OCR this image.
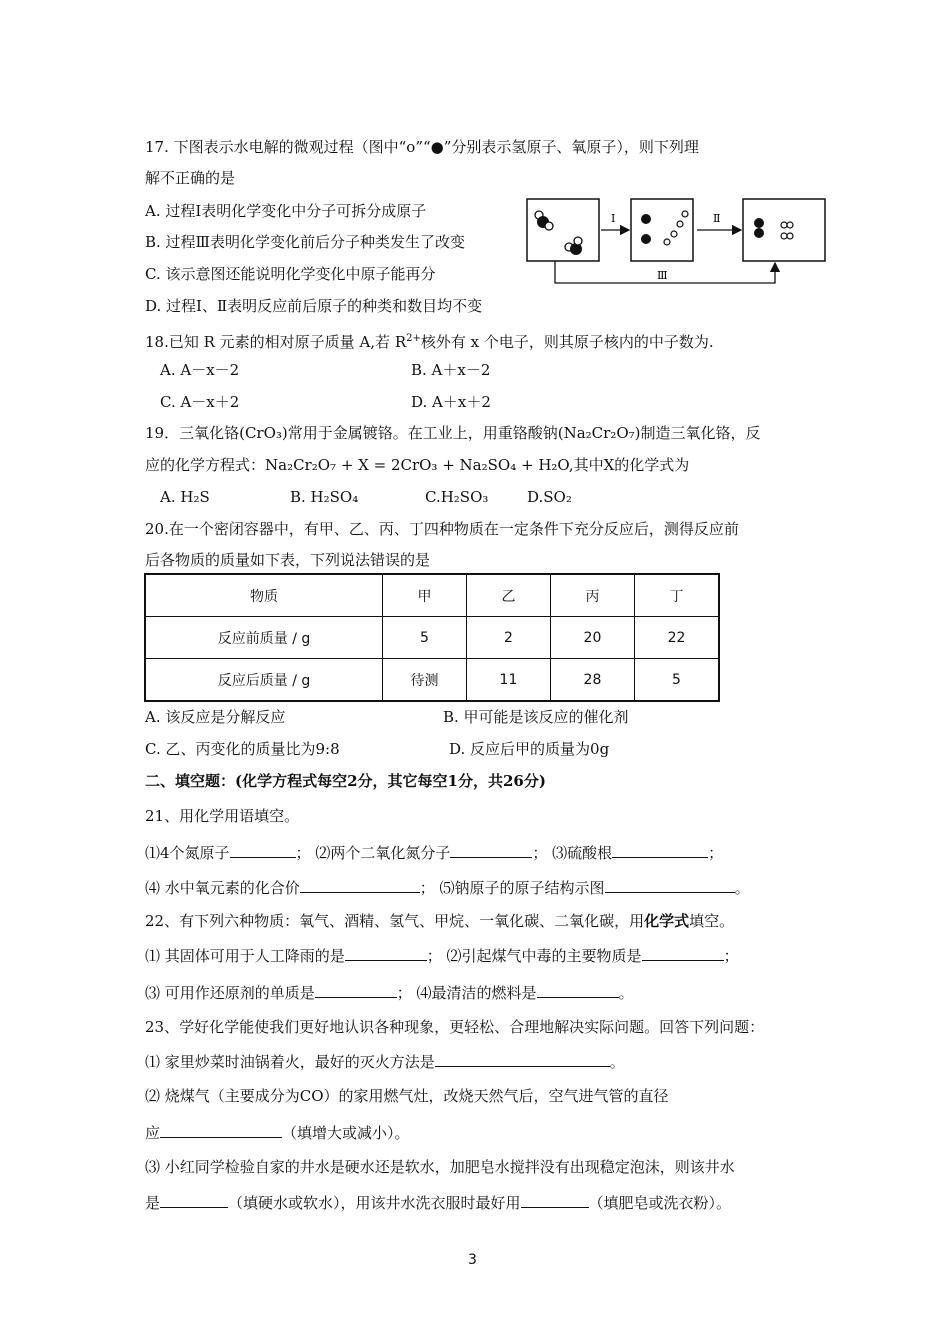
17. 下图表示水电解的微观过程（图中“o”“●”分别表示氢原子、氧原子），则下列理
解不正确的是
A. 过程Ⅰ表明化学变化中分子可拆分成原子
B. 过程Ⅲ表明化学变化前后分子种类发生了改变
C. 该示意图还能说明化学变化中原子能再分
D. 过程Ⅰ、Ⅱ表明反应前后原子的种类和数目均不变
Ⅰ	Ⅱ
Ⅲ
18.已知 R 元素的相对原子质量 A,若 $R^{2+}$核外有 x 个电子，则其原子核内的中子数为.
A. A－x－2	B. A＋x－2
C. A－x＋2	D. A＋x＋2
19．三氧化铬(CrO₃)常用于金属镀铬。在工业上，用重铬酸钠(Na₂Cr₂O₇)制造三氧化铬，反
应的化学方程式：Na₂Cr₂O₇ + X = 2CrO₃ + Na₂SO₄ + H₂O,其中X的化学式为
A. H₂S	B. H₂SO₄	C.H₂SO₃	D.SO₂
20.在一个密闭容器中，有甲、乙、丙、丁四种物质在一定条件下充分反应后，测得反应前
后各物质的质量如下表，下列说法错误的是
物质	甲	乙	丙	丁
反应前质量 / g	5	2	20	22
反应后质量 / g	待测	11	28	5
A. 该反应是分解反应	B. 甲可能是该反应的催化剂
C. 乙、丙变化的质量比为9:8	D. 反应后甲的质量为0g
二、填空题：(化学方程式每空2分，其它每空1分，共26分)
21、用化学用语填空。
⑴4个氮原子	； ⑵两个二氧化氮分子	； ⑶硫酸根	；
⑷ 水中氧元素的化合价	； ⑸钠原子的原子结构示图	。
22、有下列六种物质：氧气、酒精、氢气、甲烷、一氧化碳、二氧化碳，用化学式填空。
⑴ 其固体可用于人工降雨的是	； ⑵引起煤气中毒的主要物质是	；
⑶ 可用作还原剂的单质是	； ⑷最清洁的燃料是	。
23、学好化学能使我们更好地认识各种现象，更轻松、合理地解决实际问题。回答下列问题：
⑴ 家里炒菜时油锅着火，最好的灭火方法是	。
⑵ 烧煤气（主要成分为CO）的家用燃气灶，改烧天然气后，空气进气管的直径
应	（填增大或减小）。
⑶ 小红同学检验自家的井水是硬水还是软水，加肥皂水搅拌没有出现稳定泡沫，则该井水
是	（填硬水或软水），用该井水洗衣服时最好用	（填肥皂或洗衣粉）。
3
